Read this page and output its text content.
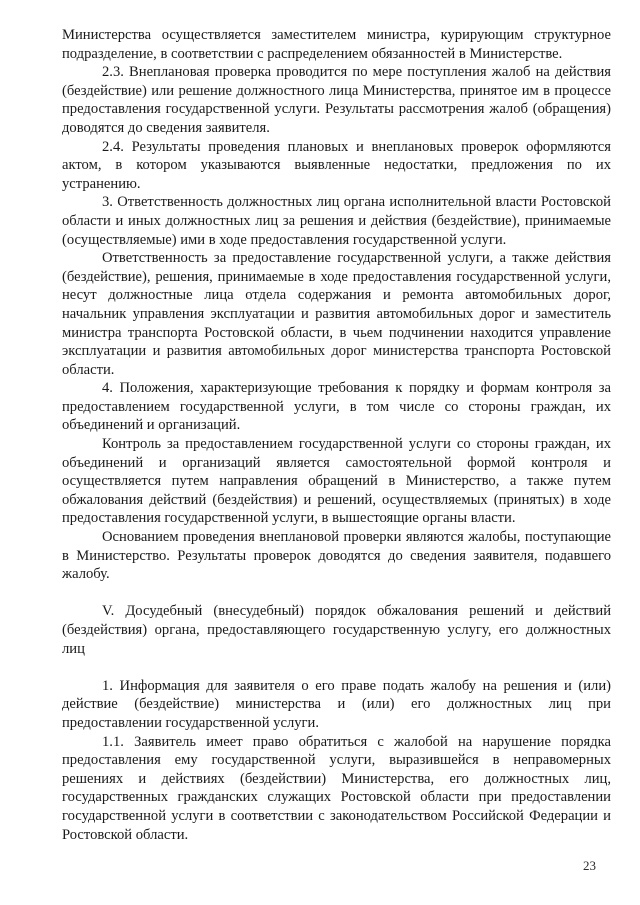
Министерства осуществляется заместителем министра, курирующим структурное подразделение, в соответствии с распределением обязанностей в Министерстве.

2.3. Внеплановая проверка проводится по мере поступления жалоб на действия (бездействие) или решение должностного лица Министерства, принятое им в процессе предоставления государственной услуги. Результаты рассмотрения жалоб (обращения) доводятся до сведения заявителя.

2.4. Результаты проведения плановых и внеплановых проверок оформляются актом, в котором указываются выявленные недостатки, предложения по их устранению.

3. Ответственность должностных лиц органа исполнительной власти Ростовской области и иных должностных лиц за решения и действия (бездействие), принимаемые (осуществляемые) ими в ходе предоставления государственной услуги.

Ответственность за предоставление государственной услуги, а также действия (бездействие), решения, принимаемые в ходе предоставления государственной услуги, несут должностные лица отдела содержания и ремонта автомобильных дорог, начальник управления эксплуатации и развития автомобильных дорог и заместитель министра транспорта Ростовской области, в чьем подчинении находится управление эксплуатации и развития автомобильных дорог министерства транспорта Ростовской области.

4. Положения, характеризующие требования к порядку и формам контроля за предоставлением государственной услуги, в том числе со стороны граждан, их объединений и организаций.

Контроль за предоставлением государственной услуги со стороны граждан, их объединений и организаций является самостоятельной формой контроля и осуществляется путем направления обращений в Министерство, а также путем обжалования действий (бездействия) и решений, осуществляемых (принятых) в ходе предоставления государственной услуги, в вышестоящие органы власти.

Основанием проведения внеплановой проверки являются жалобы, поступающие в Министерство. Результаты проверок доводятся до сведения заявителя, подавшего жалобу.

V. Досудебный (внесудебный) порядок обжалования решений и действий (бездействия) органа, предоставляющего государственную услугу, его должностных лиц

1. Информация для заявителя о его праве подать жалобу на решения и (или) действие (бездействие) министерства и (или) его должностных лиц при предоставлении государственной услуги.

1.1. Заявитель имеет право обратиться с жалобой на нарушение порядка предоставления ему государственной услуги, выразившейся в неправомерных решениях и действиях (бездействии) Министерства, его должностных лиц, государственных гражданских служащих Ростовской области при предоставлении государственной услуги в соответствии с законодательством Российской Федерации и Ростовской области.

23
